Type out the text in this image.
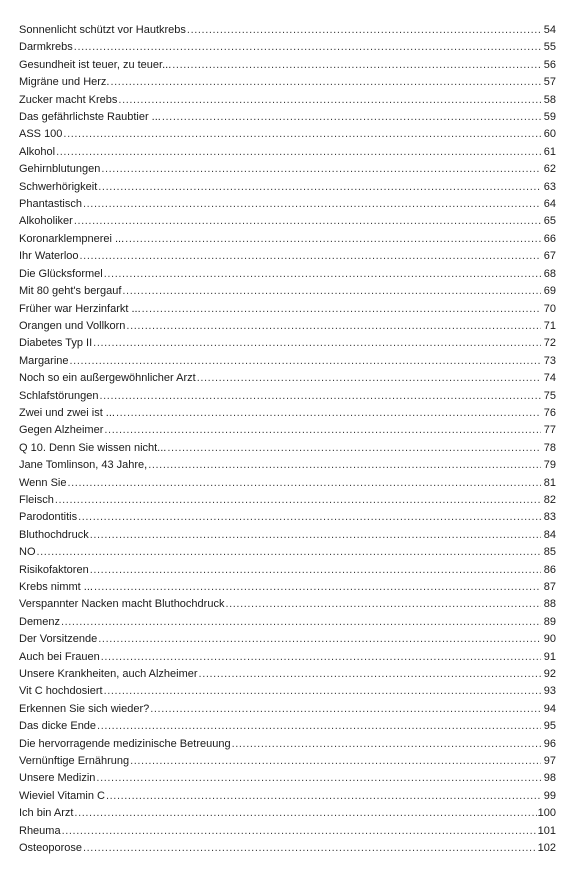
Sonnenlicht schützt vor Hautkrebs .....	54
Darmkrebs .....	55
Gesundheit ist teuer, zu teuer... .....	56
Migräne und Herz. .....	57
Zucker macht Krebs .....	58
Das gefährlichste Raubtier ... .....	59
ASS 100 .....	60
Alkohol .....	61
Gehirnblutungen .....	62
Schwerhörigkeit .....	63
Phantastisch .....	64
Alkoholiker .....	65
Koronarklempnerei ... .....	66
Ihr Waterloo .....	67
Die Glücksformel .....	68
Mit 80 geht's bergauf .....	69
Früher war Herzinfarkt ... .....	70
Orangen und Vollkorn .....	71
Diabetes Typ II .....	72
Margarine .....	73
Noch so ein außergewöhnlicher Arzt .....	74
Schlafstörungen .....	75
Zwei und zwei ist ... .....	76
Gegen Alzheimer .....	77
Q 10. Denn Sie wissen nicht... .....	78
Jane Tomlinson, 43 Jahre, .....	79
Wenn Sie .....	81
Fleisch .....	82
Parodontitis .....	83
Bluthochdruck .....	84
NO .....	85
Risikofaktoren .....	86
Krebs nimmt ... .....	87
Verspannter Nacken macht Bluthochdruck .....	88
Demenz .....	89
Der Vorsitzende .....	90
Auch bei Frauen .....	91
Unsere Krankheiten, auch Alzheimer .....	92
Vit C hochdosiert .....	93
Erkennen Sie sich wieder? .....	94
Das dicke Ende .....	95
Die hervorragende medizinische Betreuung .....	96
Vernünftige Ernährung .....	97
Unsere Medizin .....	98
Wieviel Vitamin C .....	99
Ich bin Arzt .....	100
Rheuma .....	101
Osteoporose .....	102
